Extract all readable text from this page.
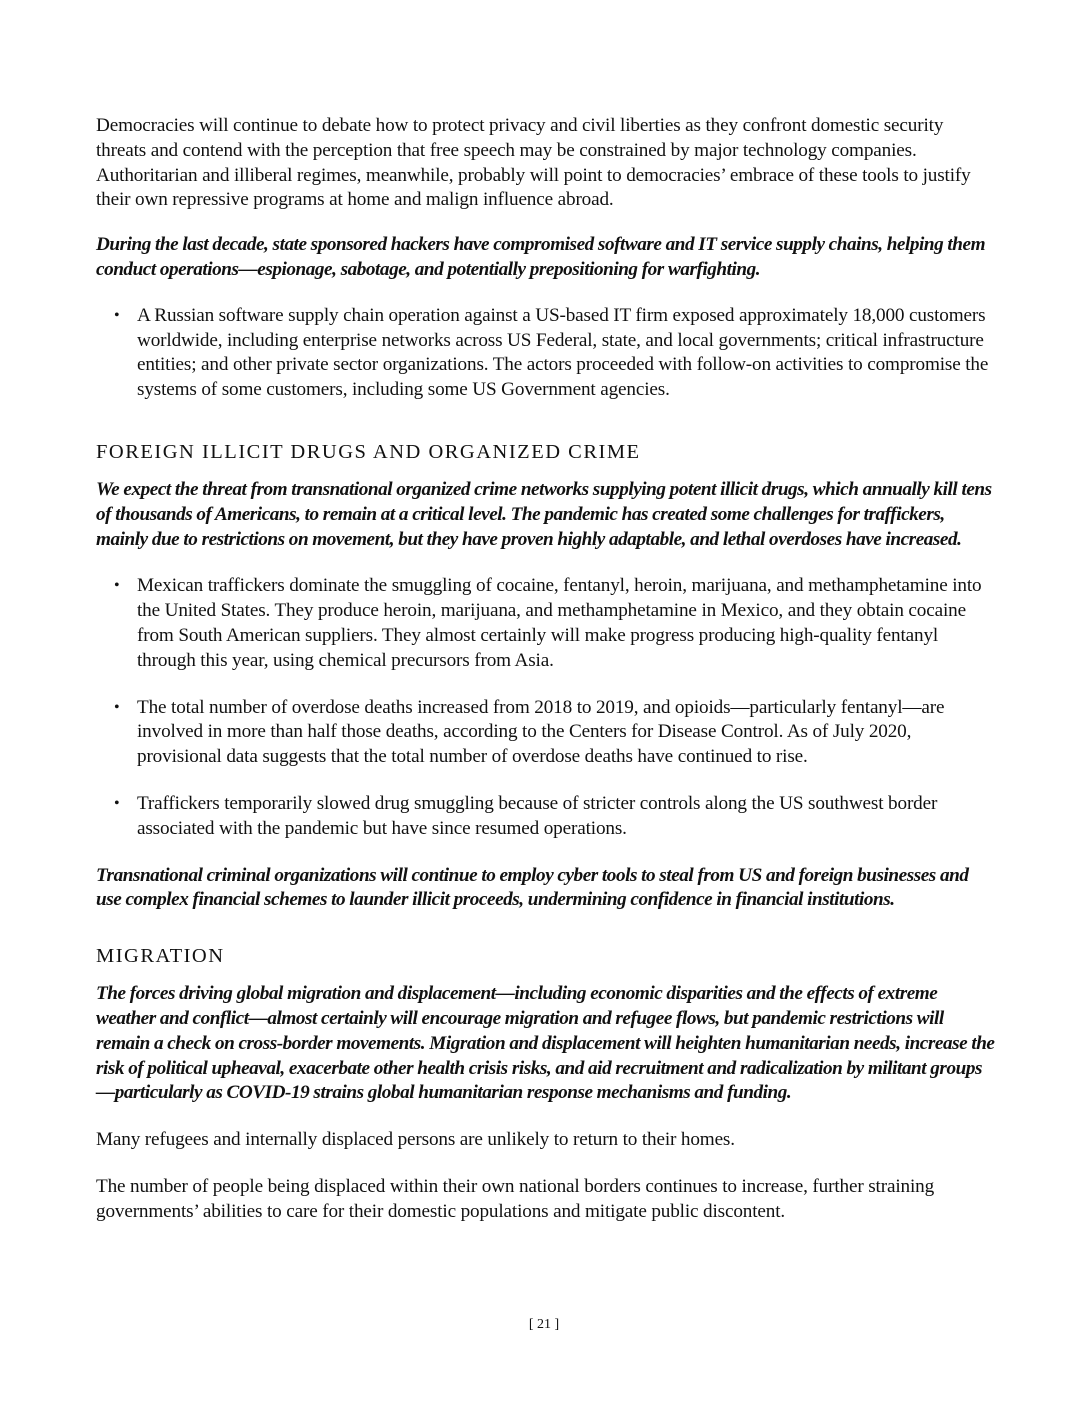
Democracies will continue to debate how to protect privacy and civil liberties as they confront domestic security threats and contend with the perception that free speech may be constrained by major technology companies. Authoritarian and illiberal regimes, meanwhile, probably will point to democracies’ embrace of these tools to justify their own repressive programs at home and malign influence abroad.

During the last decade, state sponsored hackers have compromised software and IT service supply chains, helping them conduct operations—espionage, sabotage, and potentially prepositioning for warfighting.

• A Russian software supply chain operation against a US-based IT firm exposed approximately 18,000 customers worldwide, including enterprise networks across US Federal, state, and local governments; critical infrastructure entities; and other private sector organizations. The actors proceeded with follow-on activities to compromise the systems of some customers, including some US Government agencies.
FOREIGN ILLICIT DRUGS AND ORGANIZED CRIME

We expect the threat from transnational organized crime networks supplying potent illicit drugs, which annually kill tens of thousands of Americans, to remain at a critical level. The pandemic has created some challenges for traffickers, mainly due to restrictions on movement, but they have proven highly adaptable, and lethal overdoses have increased.

• Mexican traffickers dominate the smuggling of cocaine, fentanyl, heroin, marijuana, and methamphetamine into the United States. They produce heroin, marijuana, and methamphetamine in Mexico, and they obtain cocaine from South American suppliers. They almost certainly will make progress producing high-quality fentanyl through this year, using chemical precursors from Asia.
• The total number of overdose deaths increased from 2018 to 2019, and opioids—particularly fentanyl—are involved in more than half those deaths, according to the Centers for Disease Control. As of July 2020, provisional data suggests that the total number of overdose deaths have continued to rise.
• Traffickers temporarily slowed drug smuggling because of stricter controls along the US southwest border associated with the pandemic but have since resumed operations.

Transnational criminal organizations will continue to employ cyber tools to steal from US and foreign businesses and use complex financial schemes to launder illicit proceeds, undermining confidence in financial institutions.

MIGRATION

The forces driving global migration and displacement—including economic disparities and the effects of extreme weather and conflict—almost certainly will encourage migration and refugee flows, but pandemic restrictions will remain a check on cross-border movements. Migration and displacement will heighten humanitarian needs, increase the risk of political upheaval, exacerbate other health crisis risks, and aid recruitment and radicalization by militant groups—particularly as COVID-19 strains global humanitarian response mechanisms and funding.

Many refugees and internally displaced persons are unlikely to return to their homes.

The number of people being displaced within their own national borders continues to increase, further straining governments’ abilities to care for their domestic populations and mitigate public discontent.

[ 21 ]
